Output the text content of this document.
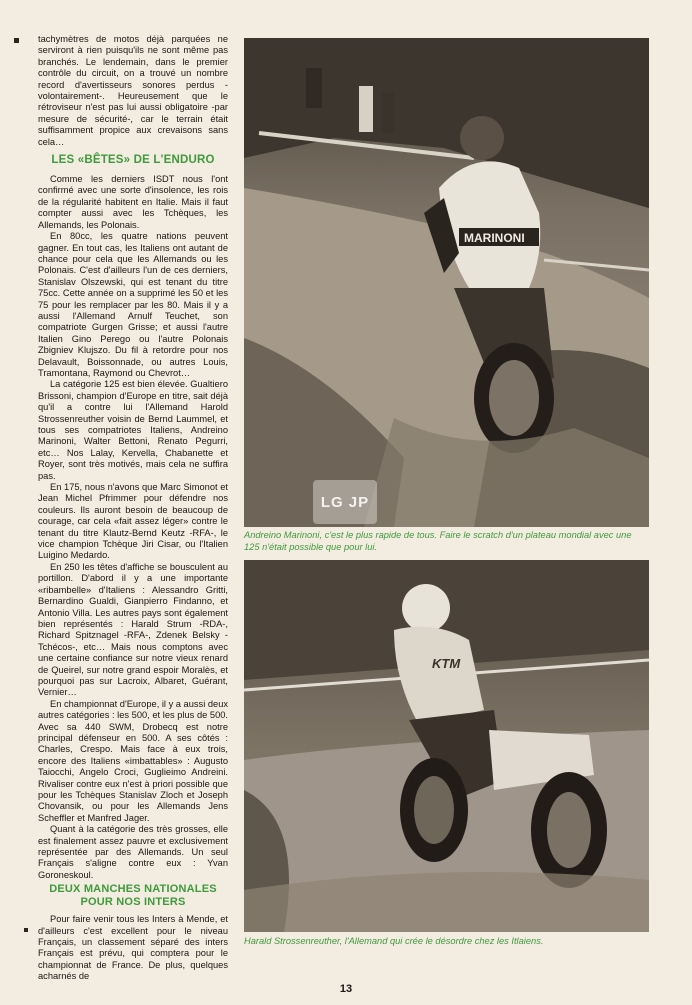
tachymètres de motos déjà parquées ne serviront à rien puisqu'ils ne sont même pas branchés. Le lendemain, dans le premier contrôle du circuit, on a trouvé un nombre record d'avertisseurs sonores perdus -volontairement-. Heureusement que le rétroviseur n'est pas lui aussi obligatoire -par mesure de sécurité-, car le terrain était suffisamment propice aux crevaisons sans cela…

LES «BÊTES» DE L'ENDURO

Comme les derniers ISDT nous l'ont confirmé avec une sorte d'insolence, les rois de la régularité habitent en Italie. Mais il faut compter aussi avec les Tchèques, les Allemands, les Polonais.

En 80cc, les quatre nations peuvent gagner. En tout cas, les Italiens ont autant de chance pour cela que les Allemands ou les Polonais. C'est d'ailleurs l'un de ces derniers, Stanislav Olszewski, qui est tenant du titre 75cc. Cette année on a supprimé les 50 et les 75 pour les remplacer par les 80. Mais il y a aussi l'Allemand Arnulf Teuchet, son compatriote Gurgen Grisse; et aussi l'autre Italien Gino Perego ou l'autre Polonais Zbigniev Klujszo. Du fil à retordre pour nos Delavault, Boissonnade, ou autres Louis, Tramontana, Raymond ou Chevrot…

La catégorie 125 est bien élevée. Gualtiero Brissoni, champion d'Europe en titre, sait déjà qu'il a contre lui l'Allemand Harold Strossenreuther voisin de Bernd Laummel, et tous ses compatriotes Italiens, Andreino Marinoni, Walter Bettoni, Renato Pegurri, etc… Nos Lalay, Kervella, Chabanette et Royer, sont très motivés, mais cela ne suffira pas.

En 175, nous n'avons que Marc Simonot et Jean Michel Pfrimmer pour défendre nos couleurs. Ils auront besoin de beaucoup de courage, car cela «fait assez léger» contre le tenant du titre Klautz-Bernd Keutz -RFA-, le vice champion Tchèque Jiri Cisar, ou l'Italien Luigino Medardo.

En 250 les têtes d'affiche se bousculent au portillon. D'abord il y a une importante «ribambelle» d'Italiens : Alessandro Gritti, Bernardino Gualdi, Gianpierro Findanno, et Antonio Villa. Les autres pays sont également bien représentés : Harald Strum -RDA-, Richard Spitznagel -RFA-, Zdenek Belsky -Tchécos-, etc… Mais nous comptons avec une certaine confiance sur notre vieux renard de Queirel, sur notre grand espoir Moralès, et pourquoi pas sur Lacroix, Albaret, Guérant, Vernier…

En championnat d'Europe, il y a aussi deux autres catégories : les 500, et les plus de 500. Avec sa 440 SWM, Drobecq est notre principal défenseur en 500. A ses côtés : Charles, Crespo. Mais face à eux trois, encore des Italiens «imbattables» : Augusto Taiocchi, Angelo Croci, Guglieimo Andreini. Rivaliser contre eux n'est à priori possible que pour les Tchèques Stanislav Zloch et Joseph Chovansik, ou pour les Allemands Jens Scheffler et Manfred Jager.

Quant à la catégorie des très grosses, elle est finalement assez pauvre et exclusivement représentée par des Allemands. Un seul Français s'aligne contre eux : Yvan Goroneskoul.

DEUX MANCHES NATIONALES POUR NOS INTERS

Pour faire venir tous les Inters à Mende, et d'ailleurs c'est excellent pour le niveau Français, un classement séparé des inters Français est prévu, qui comptera pour le championnat de France. De plus, quelques acharnés de

MARINONI
LG JP
Andreino Marinoni, c'est le plus rapide de tous. Faire le scratch d'un plateau mondial avec une 125 n'était possible que pour lui.
KTM
Harald Strossenreuther, l'Allemand qui crée le désordre chez les Itlaiens.
13
